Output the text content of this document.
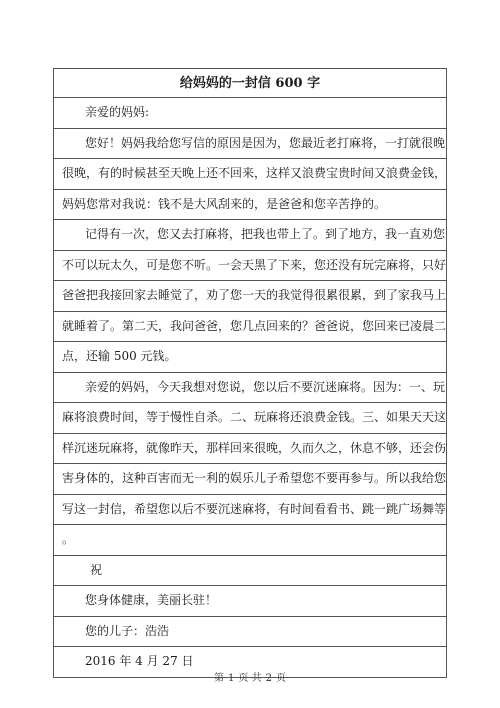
给妈妈的一封信 600 字
亲爱的妈妈:
您好！妈妈我给您写信的原因是因为，您最近老打麻将，一打就很晚
很晚，有的时候甚至天晚上还不回来，这样又浪费宝贵时间又浪费金钱，
妈妈您常对我说：钱不是大风刮来的，是爸爸和您辛苦挣的。
记得有一次，您又去打麻将，把我也带上了。到了地方，我一直劝您
不可以玩太久，可是您不听。一会天黑了下来，您还没有玩完麻将，只好
爸爸把我接回家去睡觉了，劝了您一天的我觉得很累很累，到了家我马上
就睡着了。第二天，我问爸爸，您几点回来的？爸爸说，您回来已凌晨二
点，还输 500 元钱。
亲爱的妈妈，今天我想对您说，您以后不要沉迷麻将。因为：一、玩
麻将浪费时间，等于慢性自杀。二、玩麻将还浪费金钱。三、如果天天这
样沉迷玩麻将，就像昨天，那样回来很晚，久而久之，休息不够，还会伤
害身体的，这种百害而无一利的娱乐儿子希望您不要再参与。所以我给您
写这一封信，希望您以后不要沉迷麻将，有时间看看书、跳一跳广场舞等
。
祝
您身体健康，美丽长驻！
您的儿子：浩浩
2016 年 4 月 27 日
第 1 页 共 2 页
